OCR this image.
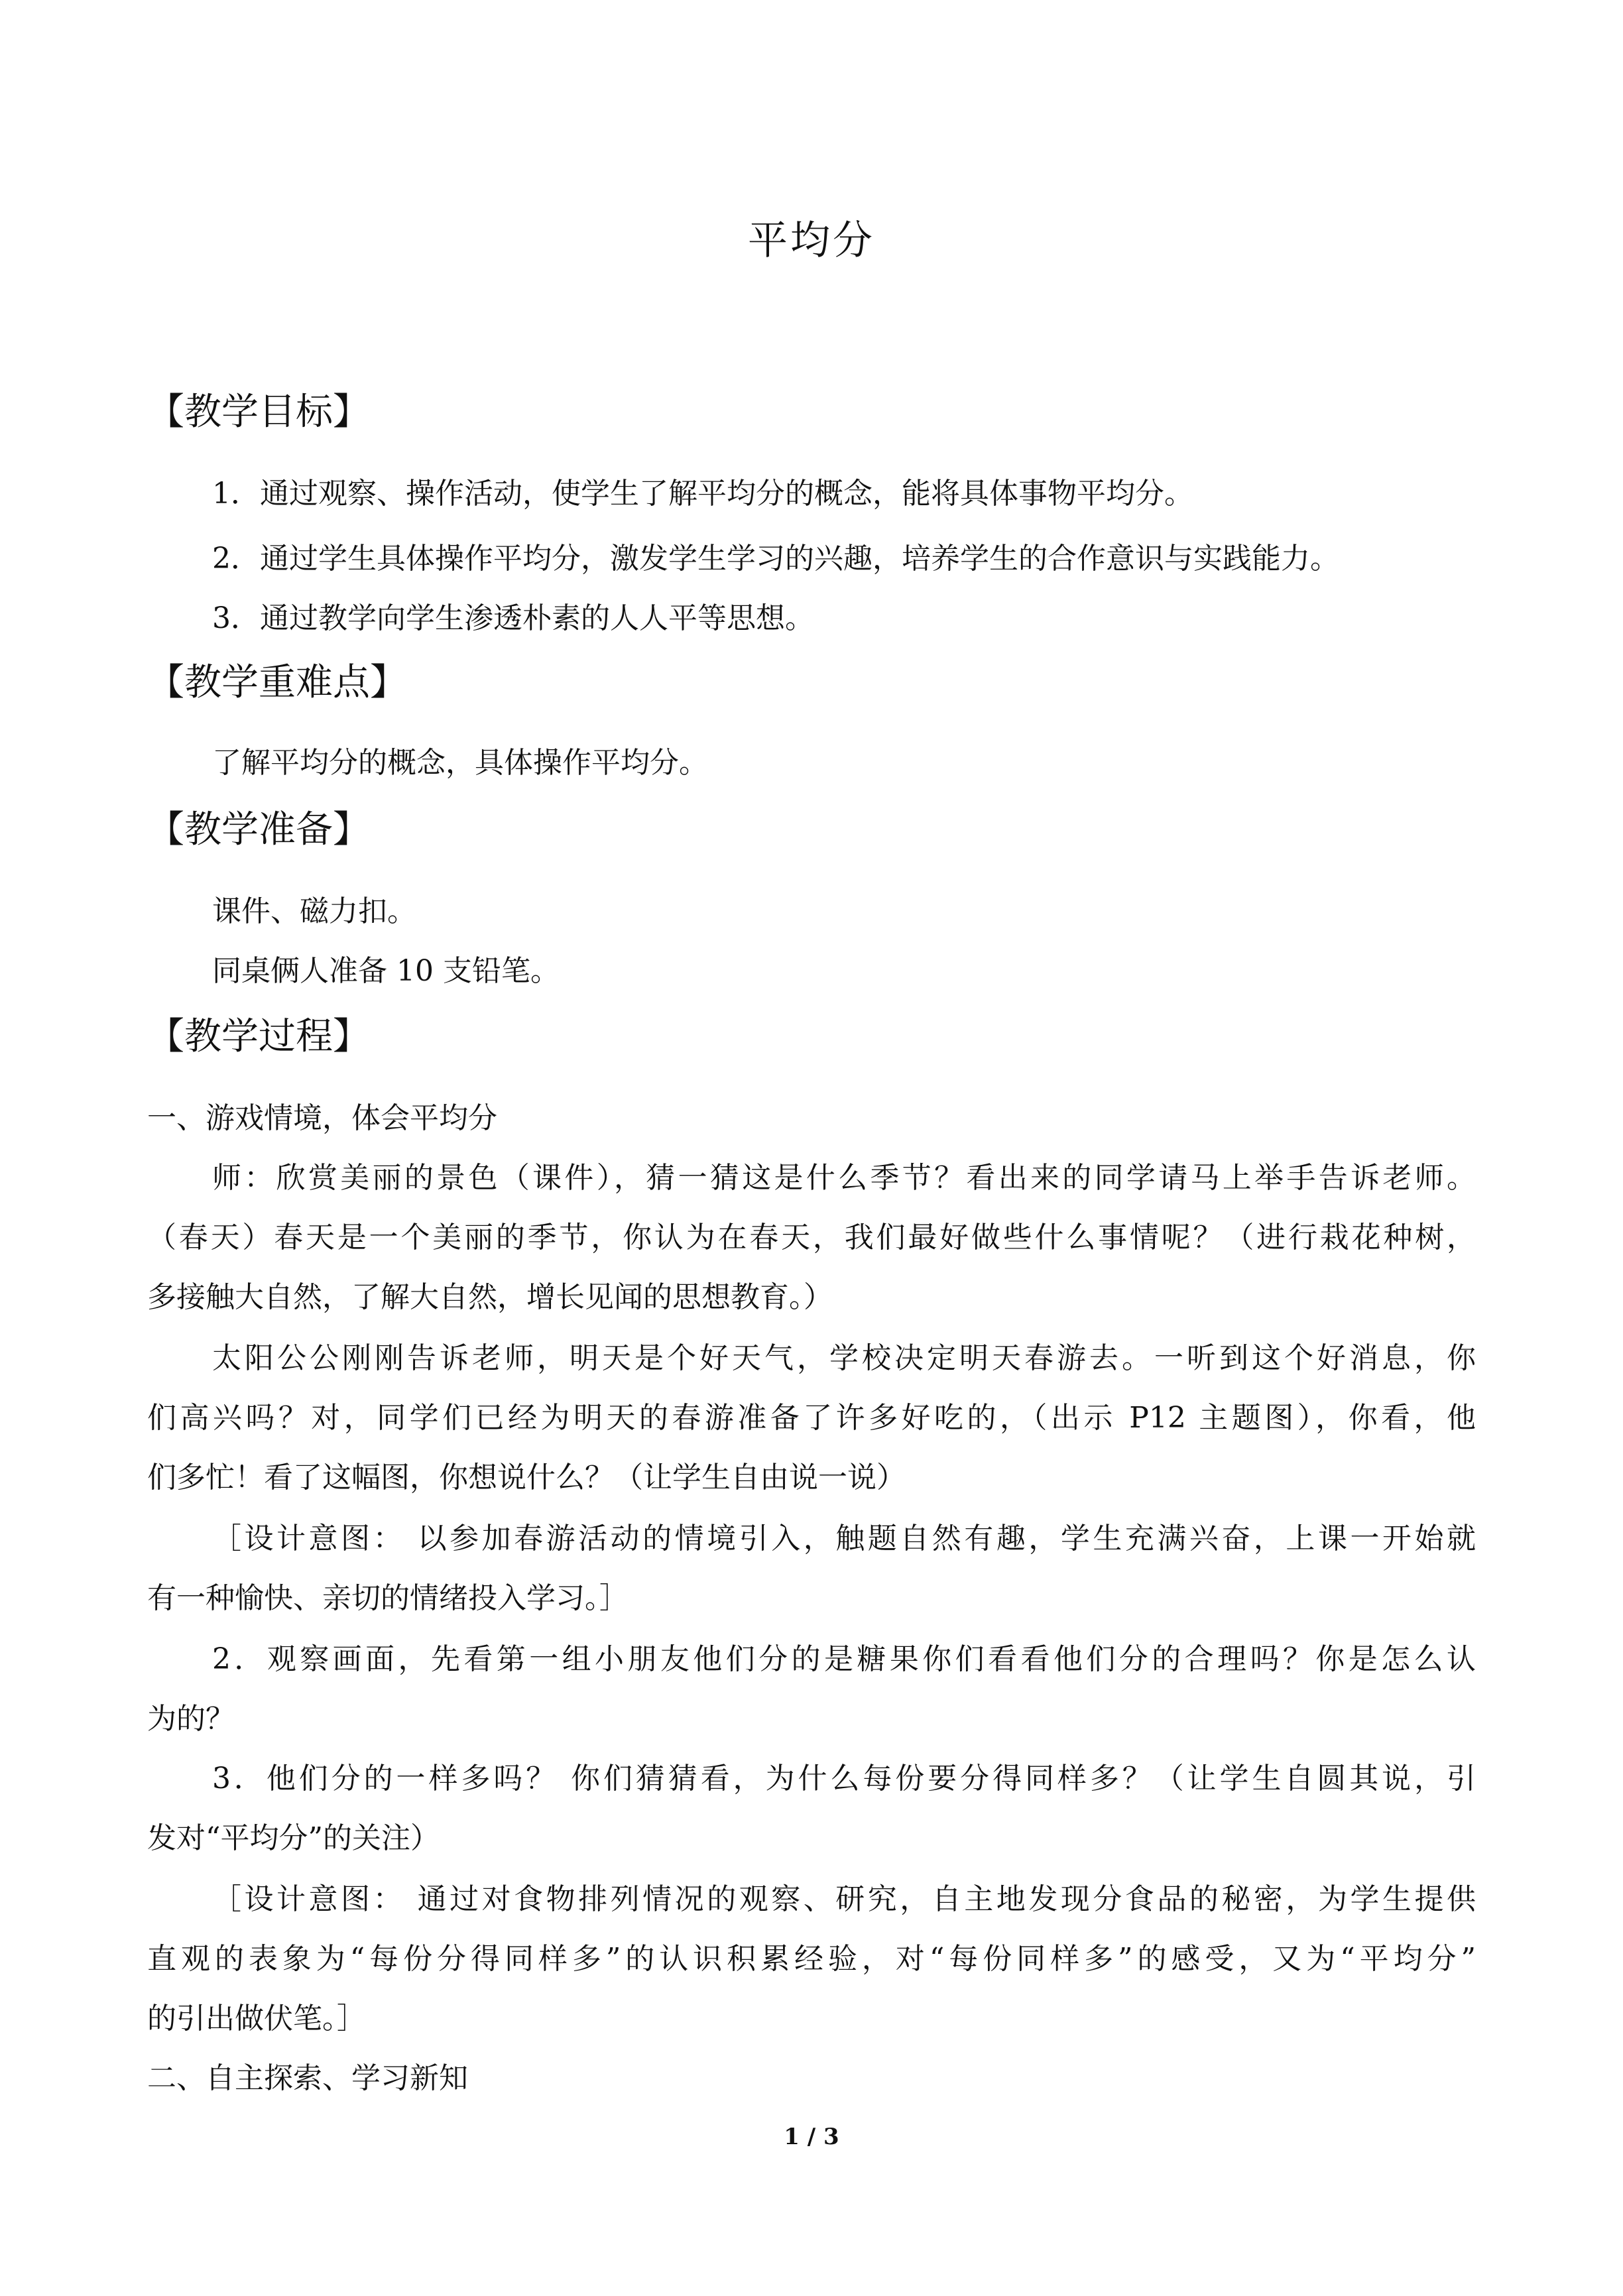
平均分
【教学目标】
1．通过观察、操作活动，使学生了解平均分的概念，能将具体事物平均分。
2．通过学生具体操作平均分，激发学生学习的兴趣，培养学生的合作意识与实践能力。
3．通过教学向学生渗透朴素的人人平等思想。
【教学重难点】
了解平均分的概念，具体操作平均分。
【教学准备】
课件、磁力扣。
同桌俩人准备 10 支铅笔。
【教学过程】
一、游戏情境，体会平均分
师：欣赏美丽的景色（课件），猜一猜这是什么季节？看出来的同学请马上举手告诉老师。
（春天）春天是一个美丽的季节，你认为在春天，我们最好做些什么事情呢？（进行栽花种树，
多接触大自然，了解大自然，增长见闻的思想教育。）
太阳公公刚刚告诉老师，明天是个好天气，学校决定明天春游去。一听到这个好消息，你
们高兴吗？对，同学们已经为明天的春游准备了许多好吃的，（出示 P12 主题图），你看，他
们多忙！看了这幅图，你想说什么？（让学生自由说一说）
［设计意图： 以参加春游活动的情境引入，触题自然有趣，学生充满兴奋，上课一开始就
有一种愉快、亲切的情绪投入学习。］
2．观察画面，先看第一组小朋友他们分的是糖果你们看看他们分的合理吗？你是怎么认
为的？
3．他们分的一样多吗？ 你们猜猜看，为什么每份要分得同样多？（让学生自圆其说，引
发对“平均分”的关注）
［设计意图： 通过对食物排列情况的观察、研究，自主地发现分食品的秘密，为学生提供
直观的表象为“每份分得同样多”的认识积累经验，对“每份同样多”的感受，又为“平均分”
的引出做伏笔。］
二、自主探索、学习新知
1 / 3
